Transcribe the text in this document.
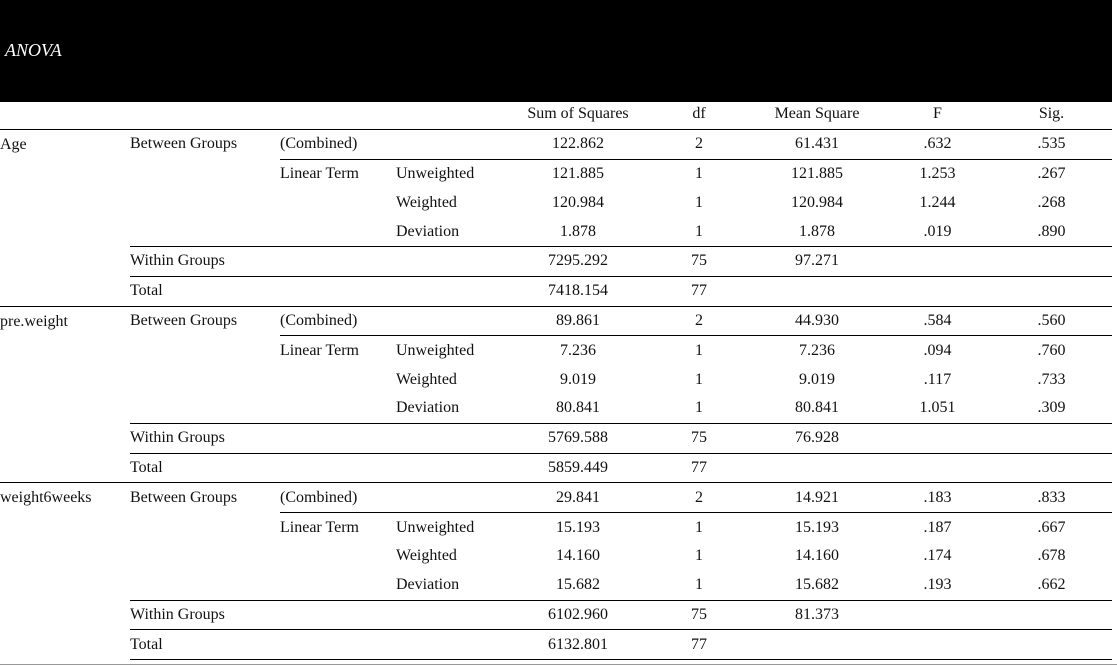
ANOVA
				Sum of Squares	df	Mean Square	F	Sig.
Age	Between Groups	(Combined)		122.862	2	61.431	.632	.535
		Linear Term	Unweighted	121.885	1	121.885	1.253	.267
			Weighted	120.984	1	120.984	1.244	.268
			Deviation	1.878	1	1.878	.019	.890
	Within Groups			7295.292	75	97.271		
	Total			7418.154	77			
pre.weight	Between Groups	(Combined)		89.861	2	44.930	.584	.560
		Linear Term	Unweighted	7.236	1	7.236	.094	.760
			Weighted	9.019	1	9.019	.117	.733
			Deviation	80.841	1	80.841	1.051	.309
	Within Groups			5769.588	75	76.928		
	Total			5859.449	77			
weight6weeks	Between Groups	(Combined)		29.841	2	14.921	.183	.833
		Linear Term	Unweighted	15.193	1	15.193	.187	.667
			Weighted	14.160	1	14.160	.174	.678
			Deviation	15.682	1	15.682	.193	.662
	Within Groups			6102.960	75	81.373		
	Total			6132.801	77			
